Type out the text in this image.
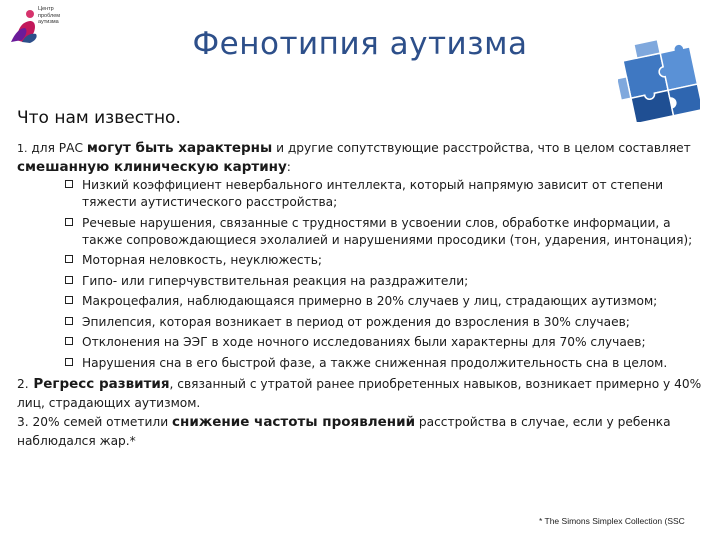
Центр
проблем
аутизма
Фенотипия аутизма
Что нам известно.

1. для РАС могут быть характерны и другие сопутствующие расстройства, что в целом составляет смешанную клиническую картину:

Низкий коэффициент невербального интеллекта, который напрямую зависит от степени тяжести аутистического расстройства;
Речевые нарушения, связанные с трудностями в усвоении слов, обработке информации, а также сопровождающиеся эхолалией и нарушениями просодики (тон, ударения, интонация);
Моторная неловкость, неуклюжесть;
Гипо- или гиперчувствительная реакция на раздражители;
Макроцефалия, наблюдающаяся примерно в 20% случаев у лиц, страдающих аутизмом;
Эпилепсия, которая возникает в период от рождения до взросления в 30% случаев;
Отклонения на ЭЭГ в ходе ночного исследованиях были характерны для 70% случаев;
Нарушения сна в его быстрой фазе, а также сниженная продолжительность сна в целом.

2. Регресс развития, связанный с утратой ранее приобретенных навыков, возникает примерно у 40% лиц, страдающих аутизмом.

3. 20% семей отметили снижение частоты проявлений расстройства в случае, если у ребенка наблюдался жар.*

* The Simons Simplex Collection (SSC
